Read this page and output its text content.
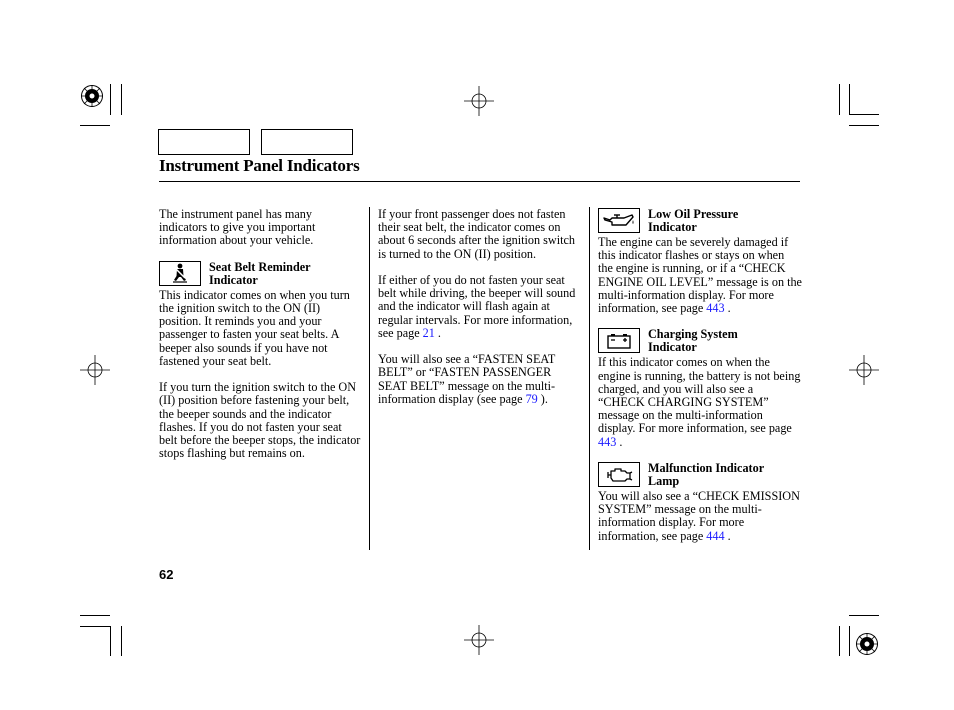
Instrument Panel Indicators

The instrument panel has many indicators to give you important information about your vehicle.

Seat Belt Reminder Indicator

This indicator comes on when you turn the ignition switch to the ON (II) position. It reminds you and your passenger to fasten your seat belts. A beeper also sounds if you have not fastened your seat belt.

If you turn the ignition switch to the ON (II) position before fastening your belt, the beeper sounds and the indicator flashes. If you do not fasten your seat belt before the beeper stops, the indicator stops flashing but remains on.

If your front passenger does not fasten their seat belt, the indicator comes on about 6 seconds after the ignition switch is turned to the ON (II) position.

If either of you do not fasten your seat belt while driving, the beeper will sound and the indicator will flash again at regular intervals. For more information, see page 21 .

You will also see a “FASTEN SEAT BELT” or “FASTEN PASSENGER SEAT BELT” message on the multi-information display (see page 79 ).

Low Oil Pressure Indicator

The engine can be severely damaged if this indicator flashes or stays on when the engine is running, or if a “CHECK ENGINE OIL LEVEL” message is on the multi-information display. For more information, see page 443 .

Charging System Indicator

If this indicator comes on when the engine is running, the battery is not being charged, and you will also see a “CHECK CHARGING SYSTEM” message on the multi-information display. For more information, see page 443 .

Malfunction Indicator Lamp

You will also see a “CHECK EMISSION SYSTEM” message on the multi-information display. For more information, see page 444 .

62
